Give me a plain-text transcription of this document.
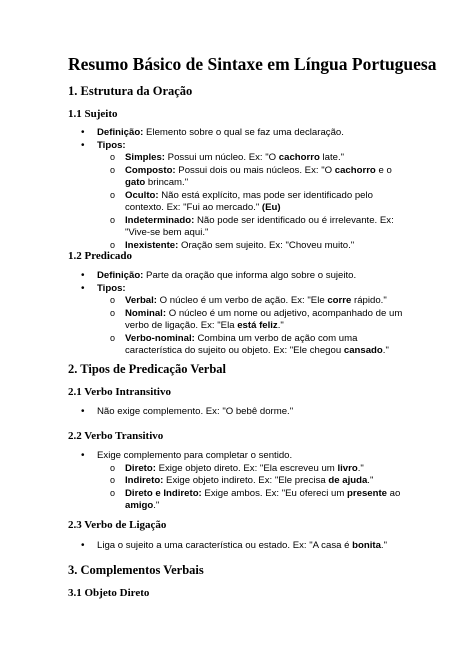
Resumo Básico de Sintaxe em Língua Portuguesa
1. Estrutura da Oração
1.1 Sujeito
• Definição: Elemento sobre o qual se faz uma declaração.
• Tipos:
o Simples: Possui um núcleo. Ex: "O cachorro late."
o Composto: Possui dois ou mais núcleos. Ex: "O cachorro e o gato brincam."
o Oculto: Não está explícito, mas pode ser identificado pelo contexto. Ex: "Fui ao mercado." (Eu)
o Indeterminado: Não pode ser identificado ou é irrelevante. Ex: "Vive-se bem aqui."
o Inexistente: Oração sem sujeito. Ex: "Choveu muito."
1.2 Predicado
• Definição: Parte da oração que informa algo sobre o sujeito.
• Tipos:
o Verbal: O núcleo é um verbo de ação. Ex: "Ele corre rápido."
o Nominal: O núcleo é um nome ou adjetivo, acompanhado de um verbo de ligação. Ex: "Ela está feliz."
o Verbo-nominal: Combina um verbo de ação com uma característica do sujeito ou objeto. Ex: "Ele chegou cansado."
2. Tipos de Predicação Verbal
2.1 Verbo Intransitivo
• Não exige complemento. Ex: "O bebê dorme."
2.2 Verbo Transitivo
• Exige complemento para completar o sentido.
o Direto: Exige objeto direto. Ex: "Ela escreveu um livro."
o Indireto: Exige objeto indireto. Ex: "Ele precisa de ajuda."
o Direto e Indireto: Exige ambos. Ex: "Eu ofereci um presente ao amigo."
2.3 Verbo de Ligação
• Liga o sujeito a uma característica ou estado. Ex: "A casa é bonita."
3. Complementos Verbais
3.1 Objeto Direto
